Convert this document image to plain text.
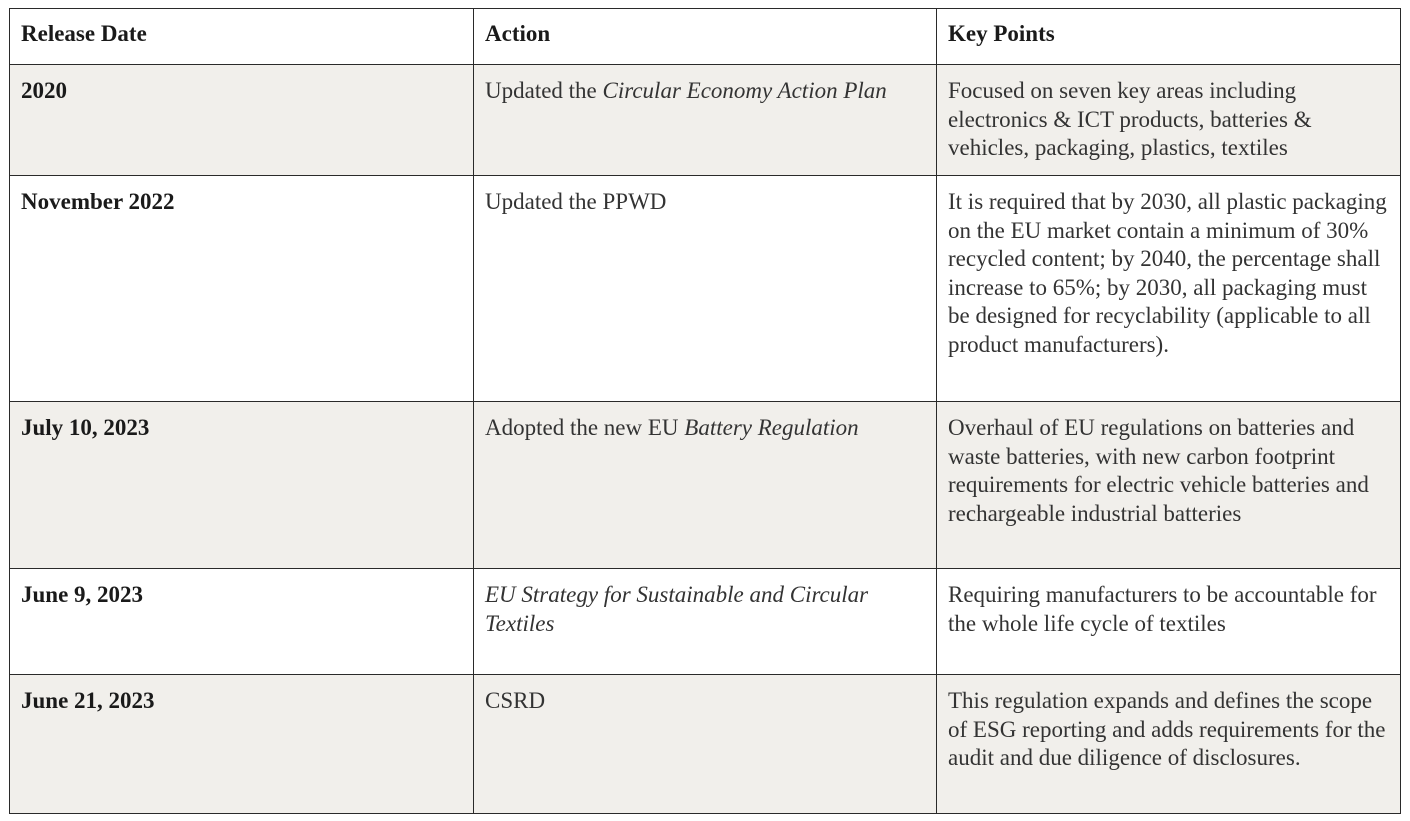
Release Date	Action	Key Points
2020	Updated the Circular Economy Action Plan	Focused on seven key areas including electronics & ICT products, batteries & vehicles, packaging, plastics, textiles
November 2022	Updated the PPWD	It is required that by 2030, all plastic packaging on the EU market contain a minimum of 30% recycled content; by 2040, the percentage shall increase to 65%; by 2030, all packaging must be designed for recyclability (applicable to all product manufacturers).
July 10, 2023	Adopted the new EU Battery Regulation	Overhaul of EU regulations on batteries and waste batteries, with new carbon footprint requirements for electric vehicle batteries and rechargeable industrial batteries
June 9, 2023	EU Strategy for Sustainable and Circular Textiles	Requiring manufacturers to be accountable for the whole life cycle of textiles
June 21, 2023	CSRD	This regulation expands and defines the scope of ESG reporting and adds requirements for the audit and due diligence of disclosures.
